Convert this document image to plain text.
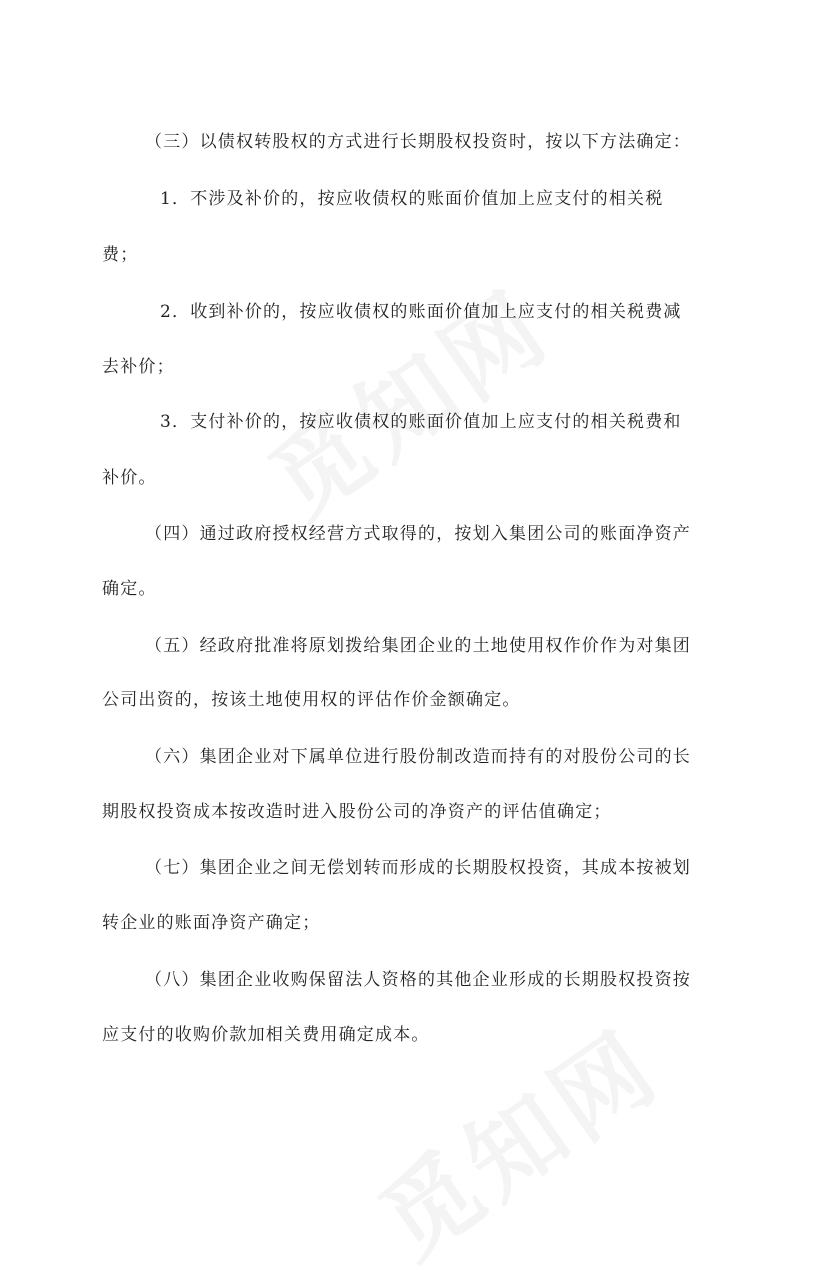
（三）以债权转股权的方式进行长期股权投资时，按以下方法确定：
1．不涉及补价的，按应收债权的账面价值加上应支付的相关税
费；
2．收到补价的，按应收债权的账面价值加上应支付的相关税费减
去补价；
3．支付补价的，按应收债权的账面价值加上应支付的相关税费和
补价。
（四）通过政府授权经营方式取得的，按划入集团公司的账面净资产
确定。
（五）经政府批准将原划拨给集团企业的土地使用权作价作为对集团
公司出资的，按该土地使用权的评估作价金额确定。
（六）集团企业对下属单位进行股份制改造而持有的对股份公司的长
期股权投资成本按改造时进入股份公司的净资产的评估值确定；
（七）集团企业之间无偿划转而形成的长期股权投资，其成本按被划
转企业的账面净资产确定；
（八）集团企业收购保留法人资格的其他企业形成的长期股权投资按
应支付的收购价款加相关费用确定成本。
